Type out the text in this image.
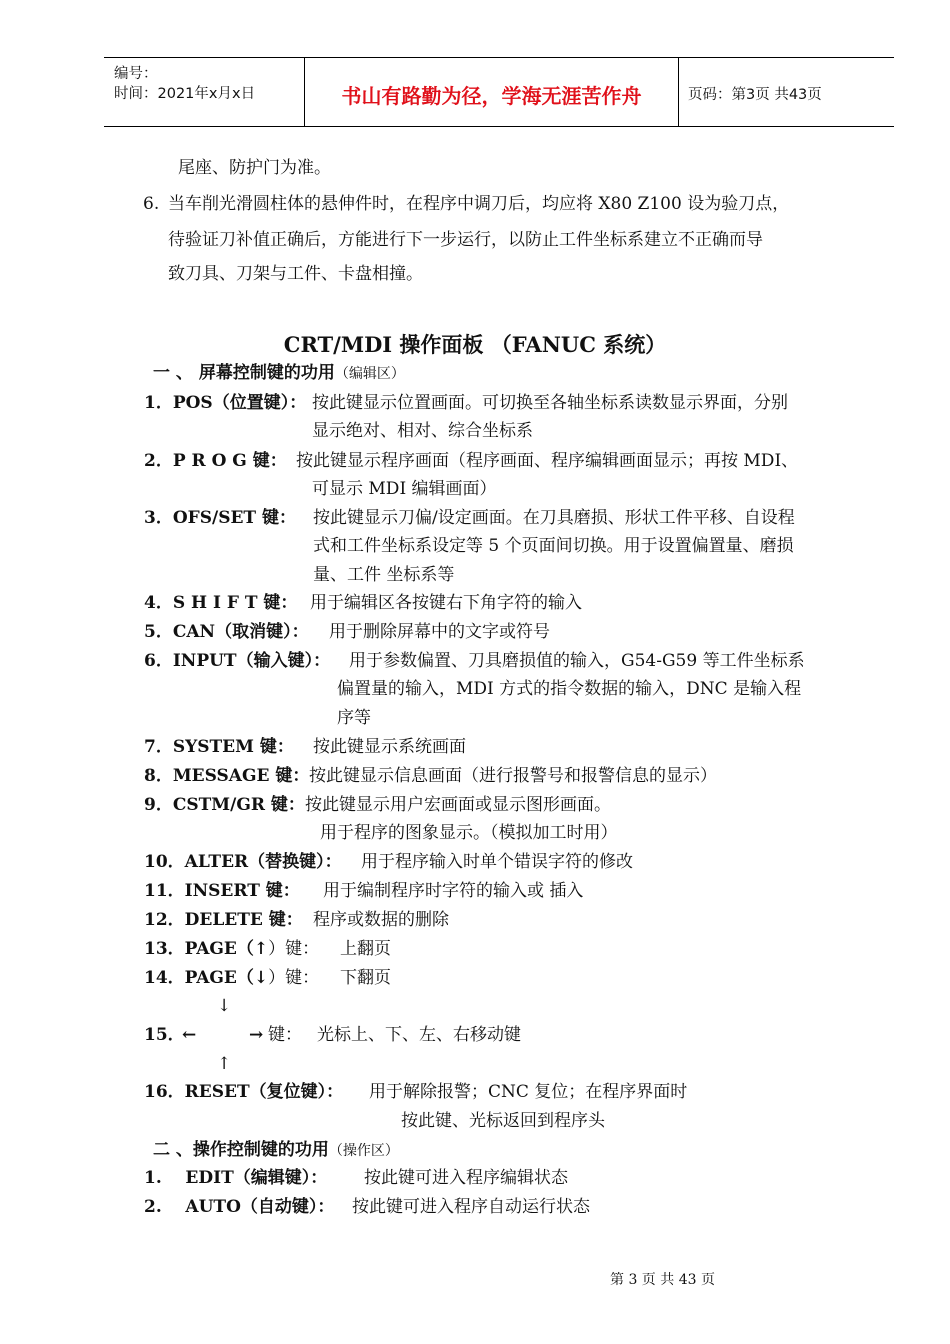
编号：
时间：2021年x月x日	书山有路勤为径，学海无涯苦作舟	页码：第3页 共43页
尾座、防护门为准。
6. 当车削光滑圆柱体的悬伸件时，在程序中调刀后，均应将 X80 Z100 设为验刀点，
待验证刀补值正确后，方能进行下一步运行，以防止工件坐标系建立不正确而导
致刀具、刀架与工件、卡盘相撞。
CRT/MDI 操作面板 （FANUC 系统）
一 、 屏幕控制键的功用（编辑区）
1．POS（位置键）： 按此键显示位置画面。可切换至各轴坐标系读数显示界面，分别
显示绝对、相对、综合坐标系
2．P R O G 键： 按此键显示程序画面（程序画面、程序编辑画面显示；再按 MDI、
可显示 MDI 编辑画面）
3．OFS/SET 键： 按此键显示刀偏/设定画面。在刀具磨损、形状工件平移、自设程
式和工件坐标系设定等 5 个页面间切换。用于设置偏置量、磨损
量、工件 坐标系等
4．S H I F T 键： 用于编辑区各按键右下角字符的输入
5．CAN（取消键）： 用于删除屏幕中的文字或符号
6．INPUT（输入键）： 用于参数偏置、刀具磨损值的输入，G54-G59 等工件坐标系
偏置量的输入，MDI 方式的指令数据的输入，DNC 是输入程
序等
7．SYSTEM 键： 按此键显示系统画面
8．MESSAGE 键： 按此键显示信息画面（进行报警号和报警信息的显示）
9．CSTM/GR 键： 按此键显示用户宏画面或显示图形画面。
用于程序的图象显示。（模拟加工时用）
10．ALTER（替换键）： 用于程序输入时单个错误字符的修改
11．INSERT 键： 用于编制程序时字符的输入或 插入
12．DELETE 键： 程序或数据的删除
13．PAGE（↑）键： 上翻页
14．PAGE（↓）键： 下翻页
↓
15．
←	→ 键： 光标上、下、左、右移动键
↑
16．RESET（复位键）： 用于解除报警；CNC 复位；在程序界面时
按此键、光标返回到程序头
二 、操作控制键的功用（操作区）
1.    EDIT（编辑键）： 按此键可进入程序编辑状态
2.    AUTO（自动键）： 按此键可进入程序自动运行状态
第 3 页 共 43 页
